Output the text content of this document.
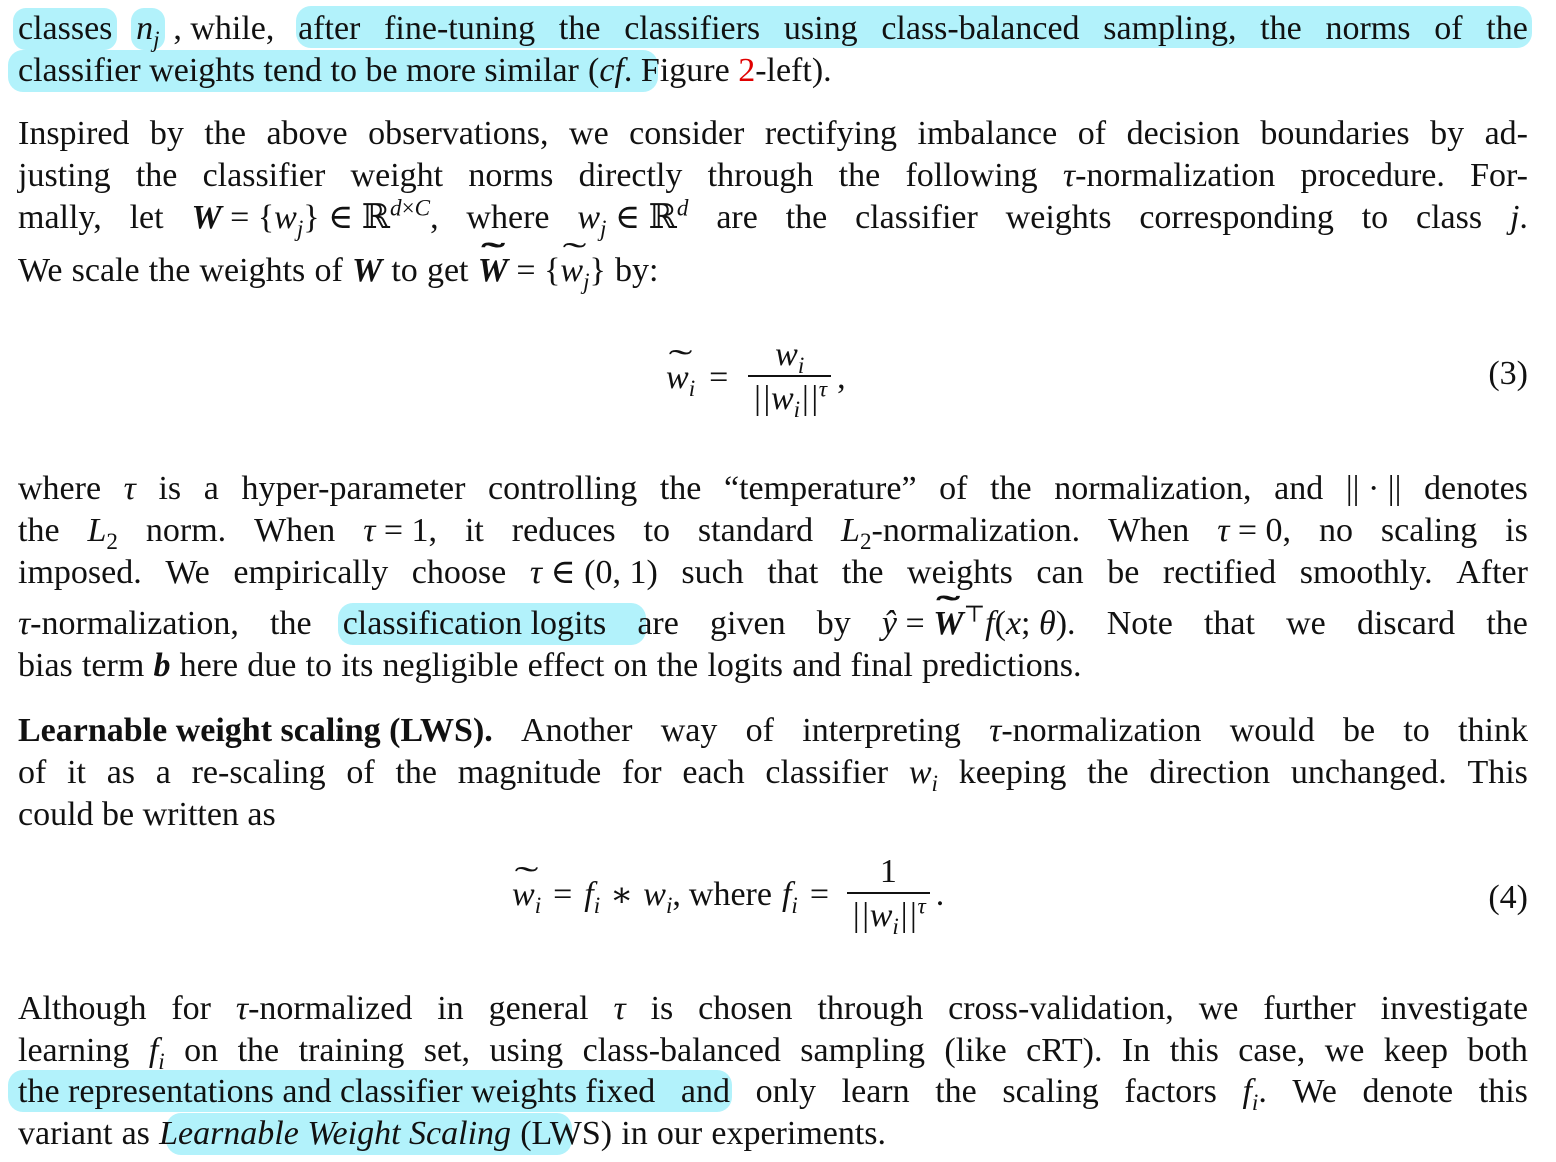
classes $n_j$ , while, after fine-tuning the classifiers using class-balanced sampling, the norms of the
classifier weights tend to be more similar (cf. Figure 2-left).
Inspired by the above observations, we consider rectifying imbalance of decision boundaries by ad-
justing the classifier weight norms directly through the following τ-normalization procedure. For-
mally, let $W = \{w_j\}$ ∈ ℝ$^{d\times C}$, where $w_j$ ∈ ℝ$^d$ are the classifier weights corresponding to class j.
We scale the weights of W to get
˜ W = {˜ $w_j$} by:
˜ $w_i = \frac{w_i}{||w_i||^\tau}$ ,	(3)
where τ is a hyper-parameter controlling the “temperature” of the normalization, and || · || denotes
the $L_2$ norm. When τ = 1, it reduces to standard $L_2$-normalization. When τ = 0, no scaling is
imposed. We empirically choose τ ∈ (0, 1) such that the weights can be rectified smoothly. After
τ-normalization, the classification logits are given by ŷ = ˜ W⊤f(x; θ). Note that we discard the
bias term b here due to its negligible effect on the logits and final predictions.
Learnable weight scaling (LWS). Another way of interpreting τ-normalization would be to think
of it as a re-scaling of the magnitude for each classifier $w_i$ keeping the direction unchanged. This
could be written as
˜ $w_i = f_i$ ∗ $w_i$ , where $f_i = \frac{1}{||w_i||^\tau}$ .	(4)
Although for τ-normalized in general τ is chosen through cross-validation, we further investigate
learning $f_i$ on the training set, using class-balanced sampling (like cRT). In this case, we keep both
the representations and classifier weights fixed and only learn the scaling factors $f_i$. We denote this
variant as Learnable Weight Scaling (LWS) in our experiments.
